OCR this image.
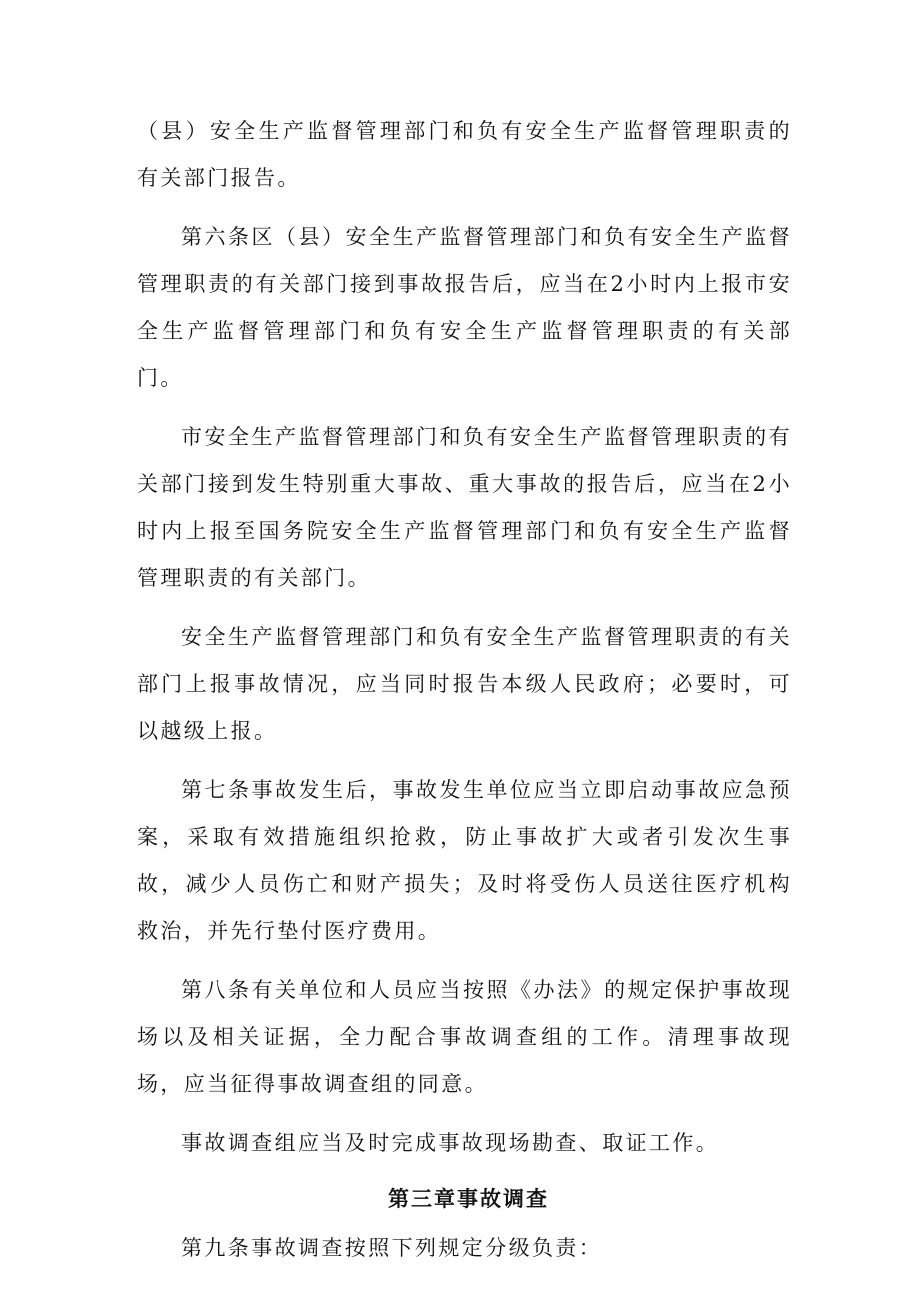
（县）安全生产监督管理部门和负有安全生产监督管理职责的有关部门报告。

第六条区（县）安全生产监督管理部门和负有安全生产监督管理职责的有关部门接到事故报告后，应当在2小时内上报市安全生产监督管理部门和负有安全生产监督管理职责的有关部门。

市安全生产监督管理部门和负有安全生产监督管理职责的有关部门接到发生特别重大事故、重大事故的报告后，应当在2小时内上报至国务院安全生产监督管理部门和负有安全生产监督管理职责的有关部门。

安全生产监督管理部门和负有安全生产监督管理职责的有关部门上报事故情况，应当同时报告本级人民政府；必要时，可以越级上报。

第七条事故发生后，事故发生单位应当立即启动事故应急预案，采取有效措施组织抢救，防止事故扩大或者引发次生事故，减少人员伤亡和财产损失；及时将受伤人员送往医疗机构救治，并先行垫付医疗费用。

第八条有关单位和人员应当按照《办法》的规定保护事故现场以及相关证据，全力配合事故调查组的工作。清理事故现场，应当征得事故调查组的同意。

事故调查组应当及时完成事故现场勘查、取证工作。

第三章事故调查

第九条事故调查按照下列规定分级负责：
